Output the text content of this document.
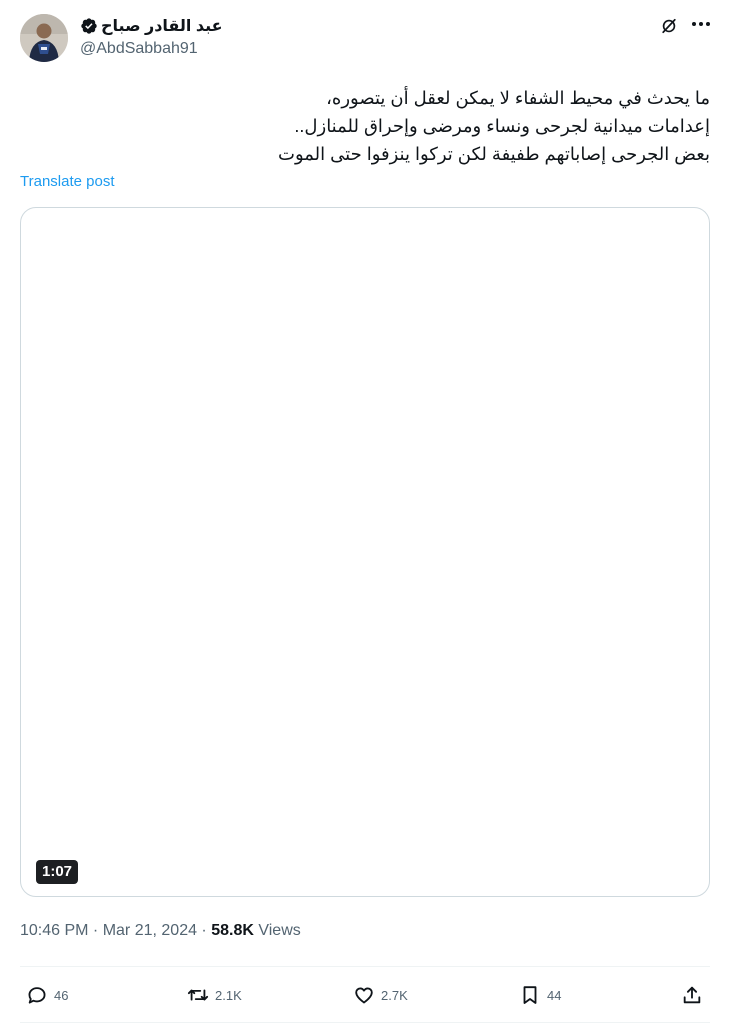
عبد القادر صباح
@AbdSabbah91
ما يحدث في محيط الشفاء لا يمكن لعقل أن يتصوره،
إعدامات ميدانية لجرحى ونساء ومرضى وإحراق للمنازل..
بعض الجرحى إصاباتهم طفيفة لكن تركوا ينزفوا حتى الموت
Translate post
1:07
10:46 PM · Mar 21, 2024 · 58.8K Views
46	2.1K	2.7K	44
